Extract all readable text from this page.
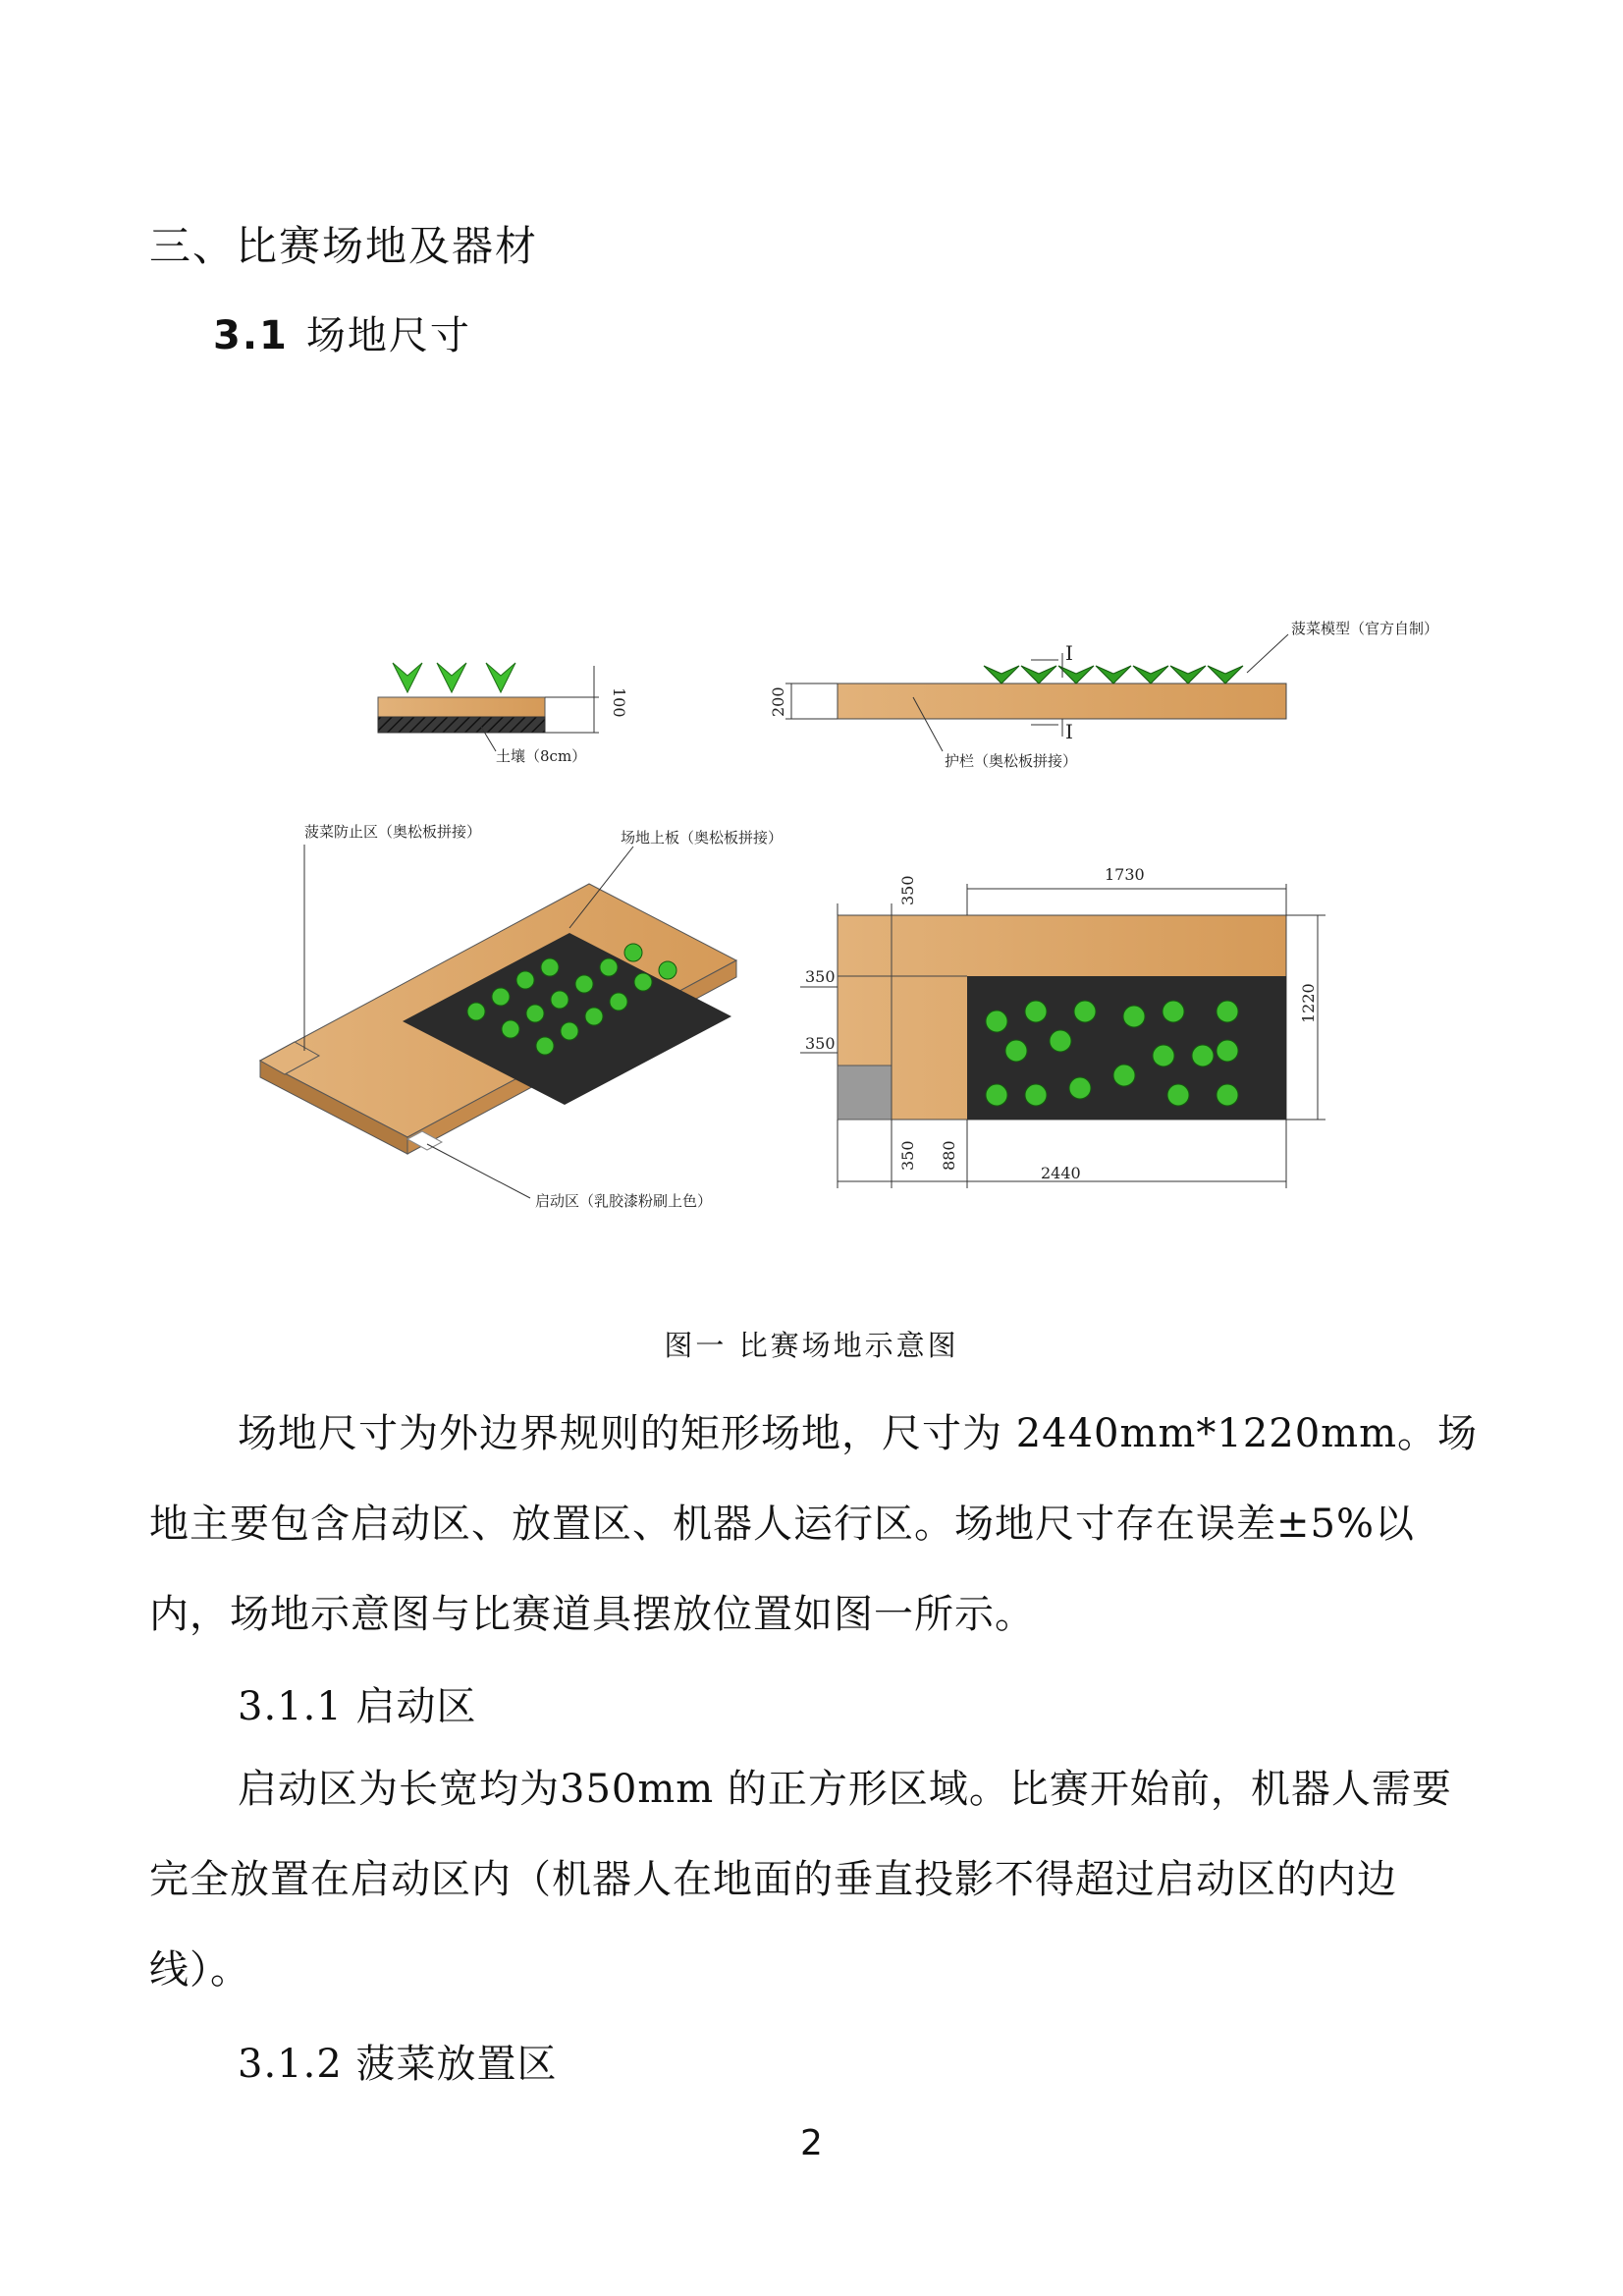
三、比赛场地及器材
3.1 场地尺寸
100
土壤（8cm）
200
I
I
菠菜模型（官方自制）
护栏（奥松板拼接）
菠菜防止区（奥松板拼接）	场地上板（奥松板拼接）
启动区（乳胶漆粉刷上色）
1730
1220
350
350
350
2440
350 880
图一 比赛场地示意图
场地尺寸为外边界规则的矩形场地，尺寸为 2440mm*1220mm。场地主要包含启动区、放置区、机器人运行区。场地尺寸存在误差±5%以内，场地示意图与比赛道具摆放位置如图一所示。
3.1.1 启动区
启动区为长宽均为350mm 的正方形区域。比赛开始前，机器人需要完全放置在启动区内（机器人在地面的垂直投影不得超过启动区的内边线）。
3.1.2 菠菜放置区
2
